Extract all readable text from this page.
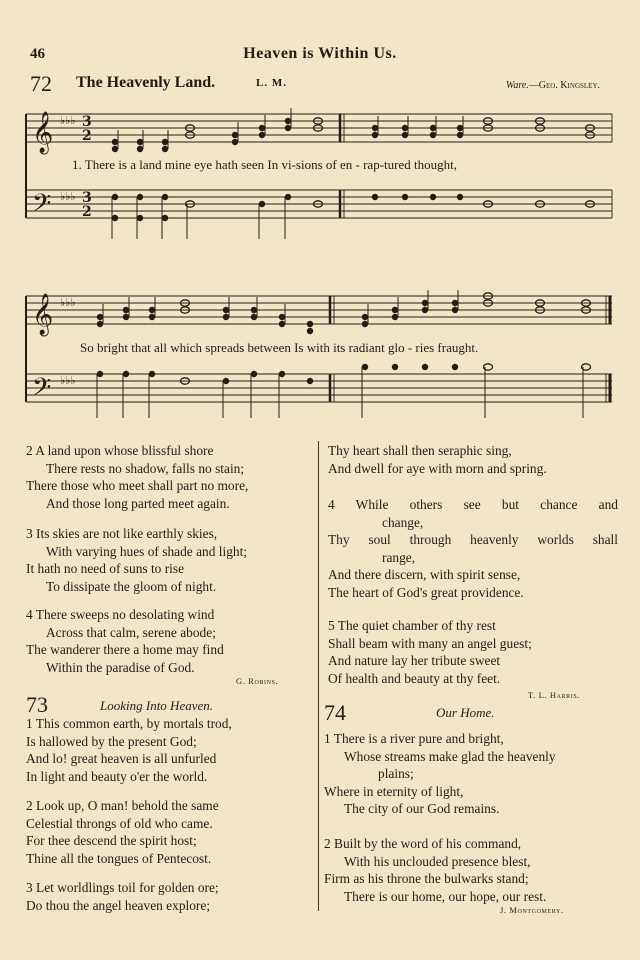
46	Heaven is Within Us.
72 The Heavenly Land.	L. M.	Ware.—Geo. Kingsley.
𝄞
𝄢
𝄞
𝄢
♭♭♭
♭♭♭
♭♭♭
♭♭♭
3
2
3
2
1. There is a land mine eye hath seen In vi-sions of en - rap-tured thought,
So bright that all which spreads between Is with its radiant glo - ries fraught.
2 A land upon whose blissful shore
There rests no shadow, falls no stain;
There those who meet shall part no more,
And those long parted meet again.
3 Its skies are not like earthly skies,
With varying hues of shade and light;
It hath no need of suns to rise
To dissipate the gloom of night.
4 There sweeps no desolating wind
Across that calm, serene abode;
The wanderer there a home may find
Within the paradise of God.
G. Robins.
73	Looking Into Heaven.
1 This common earth, by mortals trod,
Is hallowed by the present God;
And lo! great heaven is all unfurled
In light and beauty o'er the world.
2 Look up, O man! behold the same
Celestial throngs of old who came.
For thee descend the spirit host;
Thine all the tongues of Pentecost.
3 Let worldlings toil for golden ore;
Do thou the angel heaven explore;
Thy heart shall then seraphic sing,
And dwell for aye with morn and spring.
4 While others see but chance and
change,
Thy soul through heavenly worlds shall
range,
And there discern, with spirit sense,
The heart of God's great providence.
5 The quiet chamber of thy rest
Shall beam with many an angel guest;
And nature lay her tribute sweet
Of health and beauty at thy feet.
T. L. Harris.
74	Our Home.
1 There is a river pure and bright,
Whose streams make glad the heavenly
plains;
Where in eternity of light,
The city of our God remains.
2 Built by the word of his command,
With his unclouded presence blest,
Firm as his throne the bulwarks stand;
There is our home, our hope, our rest.
J. Montgomery.
